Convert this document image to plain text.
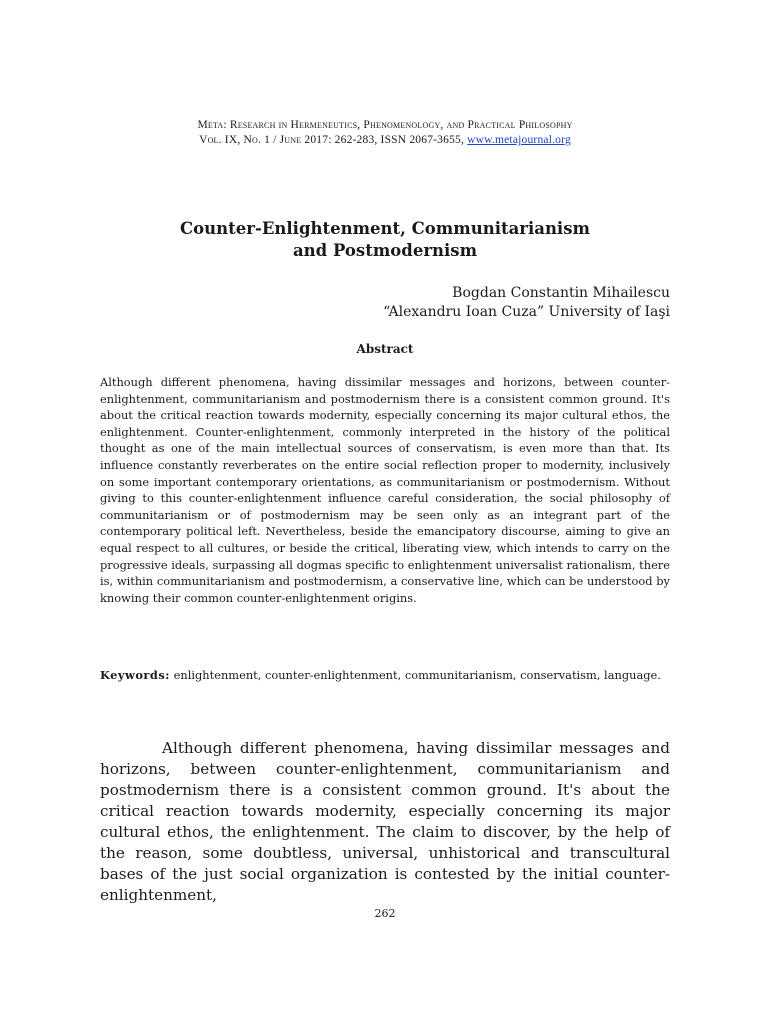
Meta: Research in Hermeneutics, Phenomenology, and Practical Philosophy
Vol. IX, No. 1 / June 2017: 262-283, ISSN 2067-3655, www.metajournal.org
Counter-Enlightenment, Communitarianism
and Postmodernism
Bogdan Constantin Mihailescu
“Alexandru Ioan Cuza” University of Iaşi
Abstract
Although different phenomena, having dissimilar messages and horizons, between counter-enlightenment, communitarianism and postmodernism there is a consistent common ground. It's about the critical reaction towards modernity, especially concerning its major cultural ethos, the enlightenment. Counter-enlightenment, commonly interpreted in the history of the political thought as one of the main intellectual sources of conservatism, is even more than that. Its influence constantly reverberates on the entire social reflection proper to modernity, inclusively on some important contemporary orientations, as communitarianism or postmodernism. Without giving to this counter-enlightenment influence careful consideration, the social philosophy of communitarianism or of postmodernism may be seen only as an integrant part of the contemporary political left. Nevertheless, beside the emancipatory discourse, aiming to give an equal respect to all cultures, or beside the critical, liberating view, which intends to carry on the progressive ideals, surpassing all dogmas specific to enlightenment universalist rationalism, there is, within communitarianism and postmodernism, a conservative line, which can be understood by knowing their common counter-enlightenment origins.
Keywords: enlightenment, counter-enlightenment, communitarianism, conservatism, language.
Although different phenomena, having dissimilar messages and horizons, between counter-enlightenment, communitarianism and postmodernism there is a consistent common ground. It's about the critical reaction towards modernity, especially concerning its major cultural ethos, the enlightenment. The claim to discover, by the help of the reason, some doubtless, universal, unhistorical and transcultural bases of the just social organization is contested by the initial counter-enlightenment,
262
